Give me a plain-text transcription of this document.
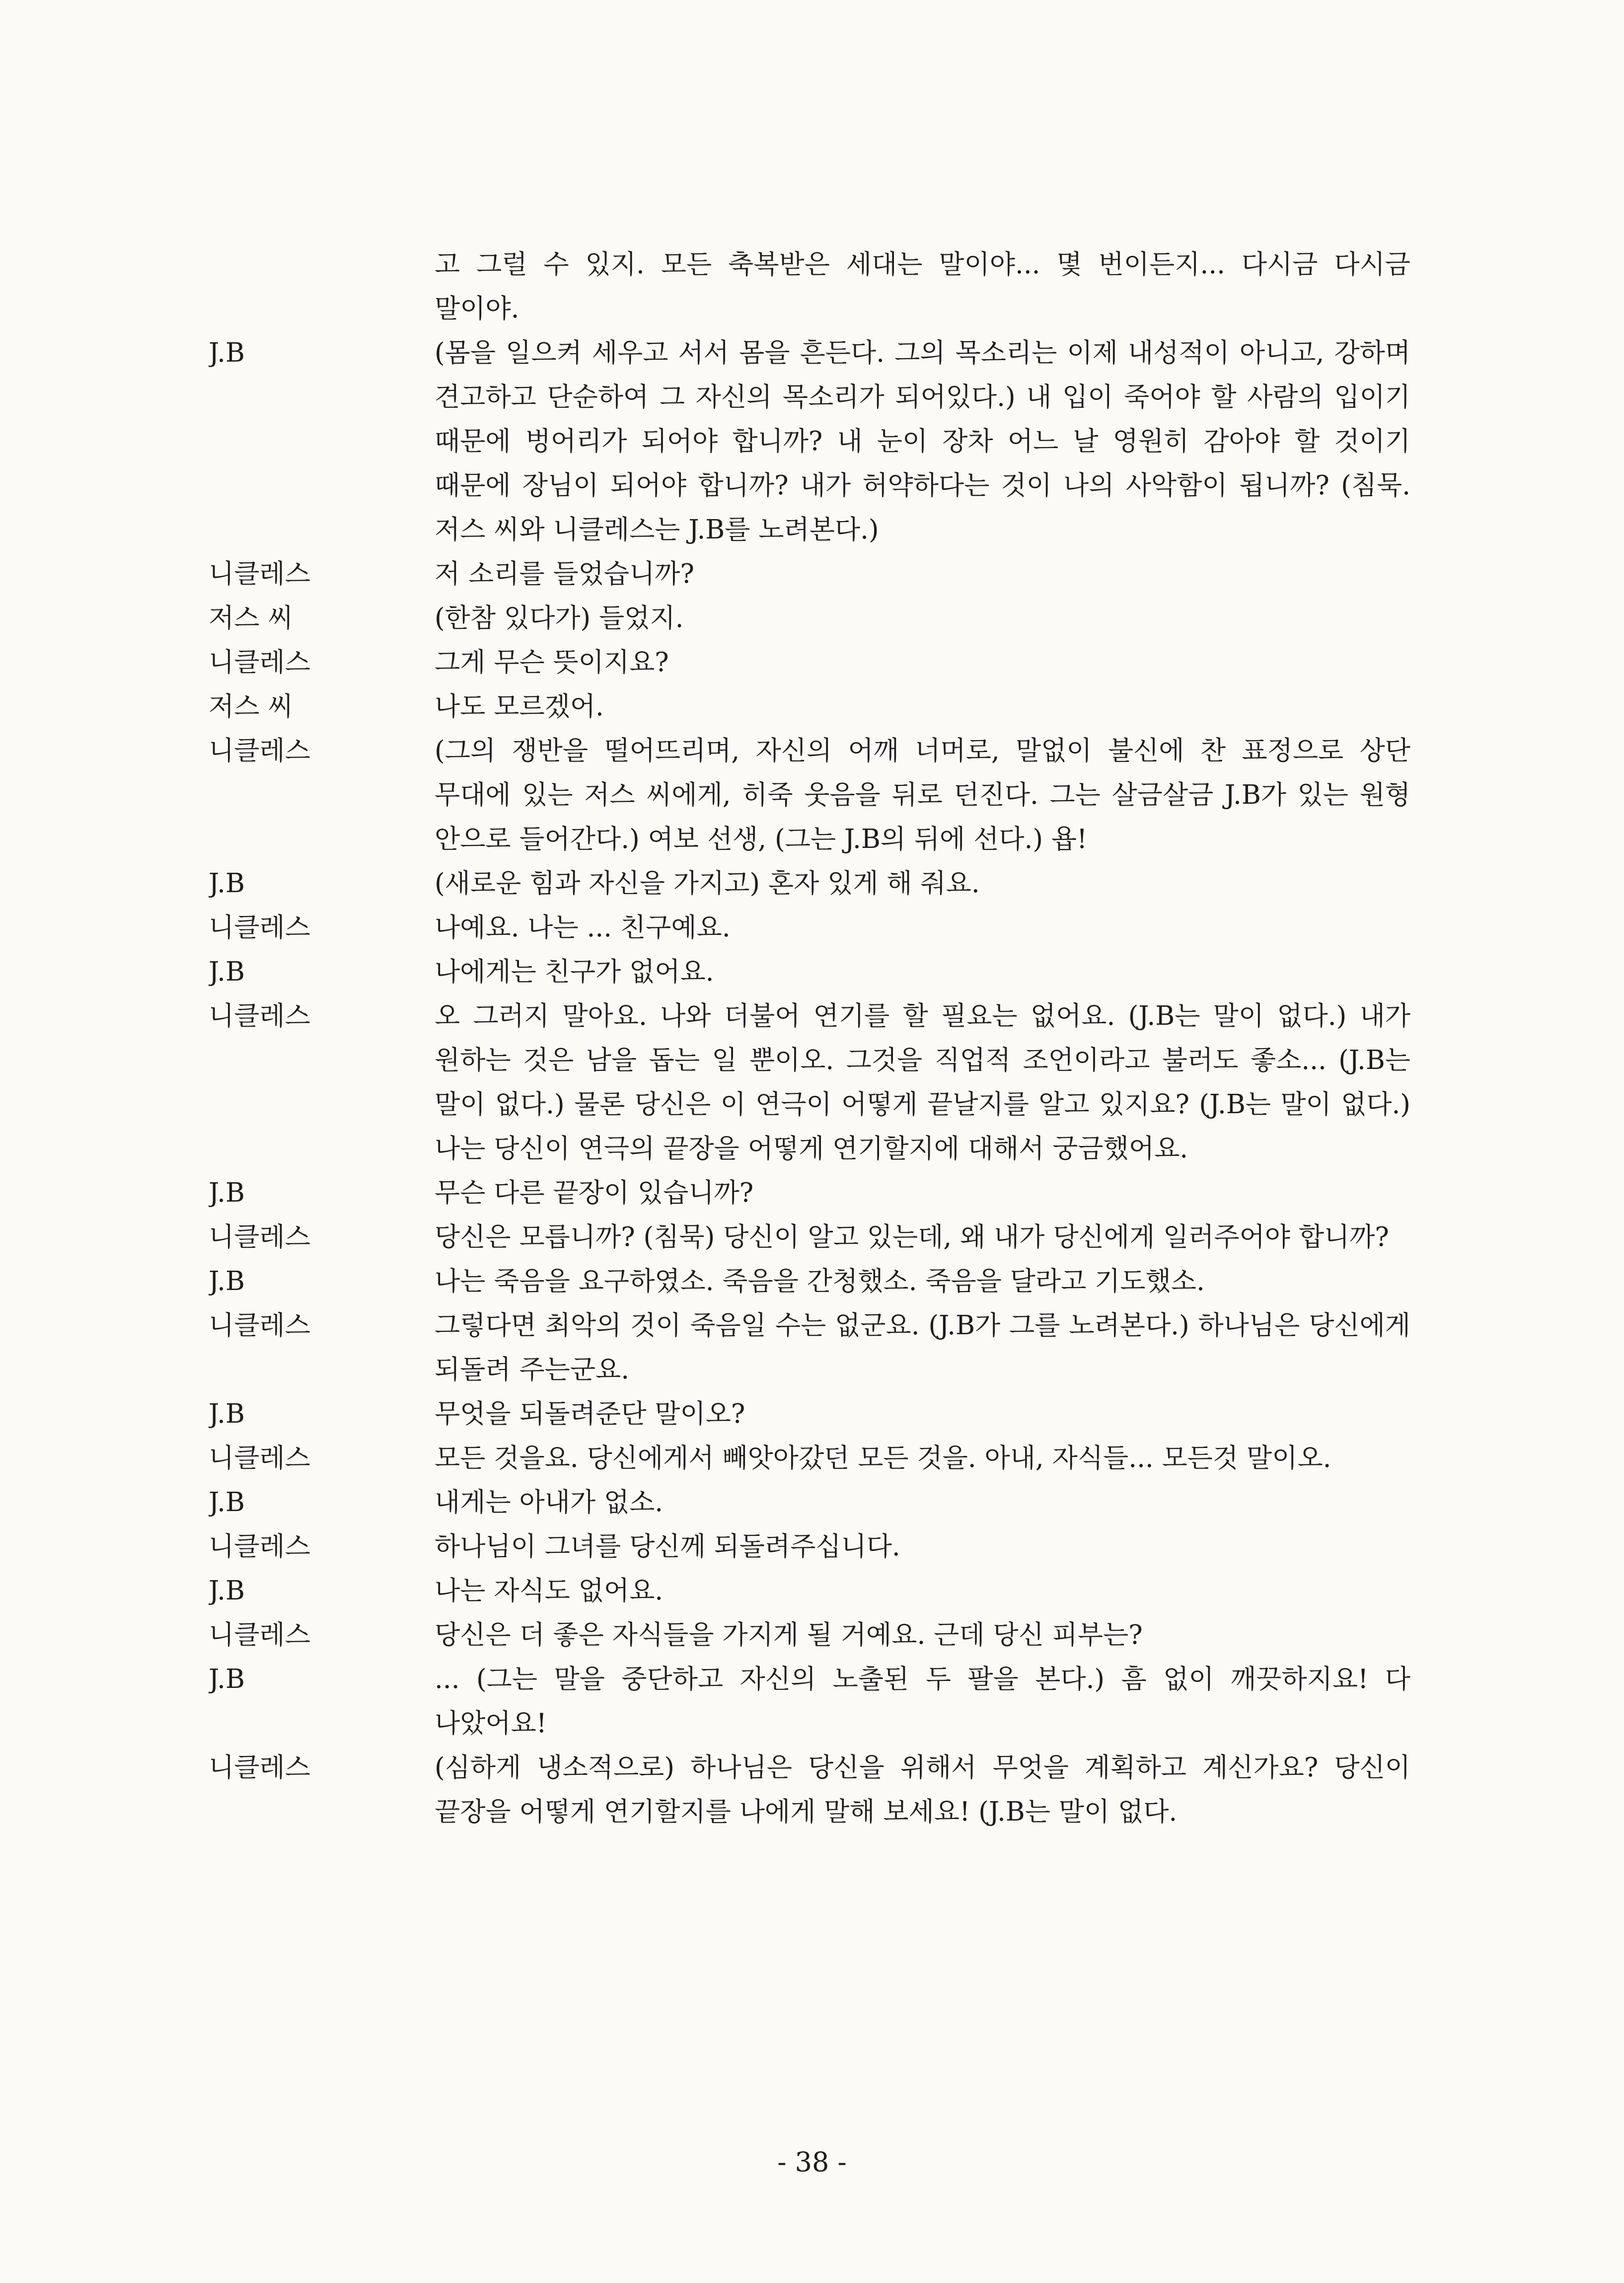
고 그럴 수 있지. 모든 축복받은 세대는 말이야... 몇 번이든지... 다시금 다시금 말이야.
J.B	(몸을 일으켜 세우고 서서 몸을 흔든다. 그의 목소리는 이제 내성적이 아니고, 강하며 견고하고 단순하여 그 자신의 목소리가 되어있다.) 내 입이 죽어야 할 사람의 입이기 때문에 벙어리가 되어야 합니까? 내 눈이 장차 어느 날 영원히 감아야 할 것이기 때문에 장님이 되어야 합니까? 내가 허약하다는 것이 나의 사악함이 됩니까? (침묵. 저스 씨와 니클레스는 J.B를 노려본다.)
니클레스	저 소리를 들었습니까?
저스 씨	(한참 있다가) 들었지.
니클레스	그게 무슨 뜻이지요?
저스 씨	나도 모르겠어.
니클레스	(그의 쟁반을 떨어뜨리며, 자신의 어깨 너머로, 말없이 불신에 찬 표정으로 상단 무대에 있는 저스 씨에게, 히죽 웃음을 뒤로 던진다. 그는 살금살금 J.B가 있는 원형 안으로 들어간다.) 여보 선생, (그는 J.B의 뒤에 선다.) 욥!
J.B	(새로운 힘과 자신을 가지고) 혼자 있게 해 줘요.
니클레스	나예요. 나는 ... 친구예요.
J.B	나에게는 친구가 없어요.
니클레스	오 그러지 말아요. 나와 더불어 연기를 할 필요는 없어요. (J.B는 말이 없다.) 내가 원하는 것은 남을 돕는 일 뿐이오. 그것을 직업적 조언이라고 불러도 좋소... (J.B는 말이 없다.) 물론 당신은 이 연극이 어떻게 끝날지를 알고 있지요? (J.B는 말이 없다.) 나는 당신이 연극의 끝장을 어떻게 연기할지에 대해서 궁금했어요.
J.B	무슨 다른 끝장이 있습니까?
니클레스	당신은 모릅니까? (침묵) 당신이 알고 있는데, 왜 내가 당신에게 일러주어야 합니까?
J.B	나는 죽음을 요구하였소. 죽음을 간청했소. 죽음을 달라고 기도했소.
니클레스	그렇다면 최악의 것이 죽음일 수는 없군요. (J.B가 그를 노려본다.) 하나님은 당신에게 되돌려 주는군요.
J.B	무엇을 되돌려준단 말이오?
니클레스	모든 것을요. 당신에게서 빼앗아갔던 모든 것을. 아내, 자식들... 모든것 말이오.
J.B	내게는 아내가 없소.
니클레스	하나님이 그녀를 당신께 되돌려주십니다.
J.B	나는 자식도 없어요.
니클레스	당신은 더 좋은 자식들을 가지게 될 거예요. 근데 당신 피부는?
J.B	... (그는 말을 중단하고 자신의 노출된 두 팔을 본다.) 흠 없이 깨끗하지요! 다 나았어요!
니클레스	(심하게 냉소적으로) 하나님은 당신을 위해서 무엇을 계획하고 계신가요? 당신이 끝장을 어떻게 연기할지를 나에게 말해 보세요! (J.B는 말이 없다.
- 38 -
